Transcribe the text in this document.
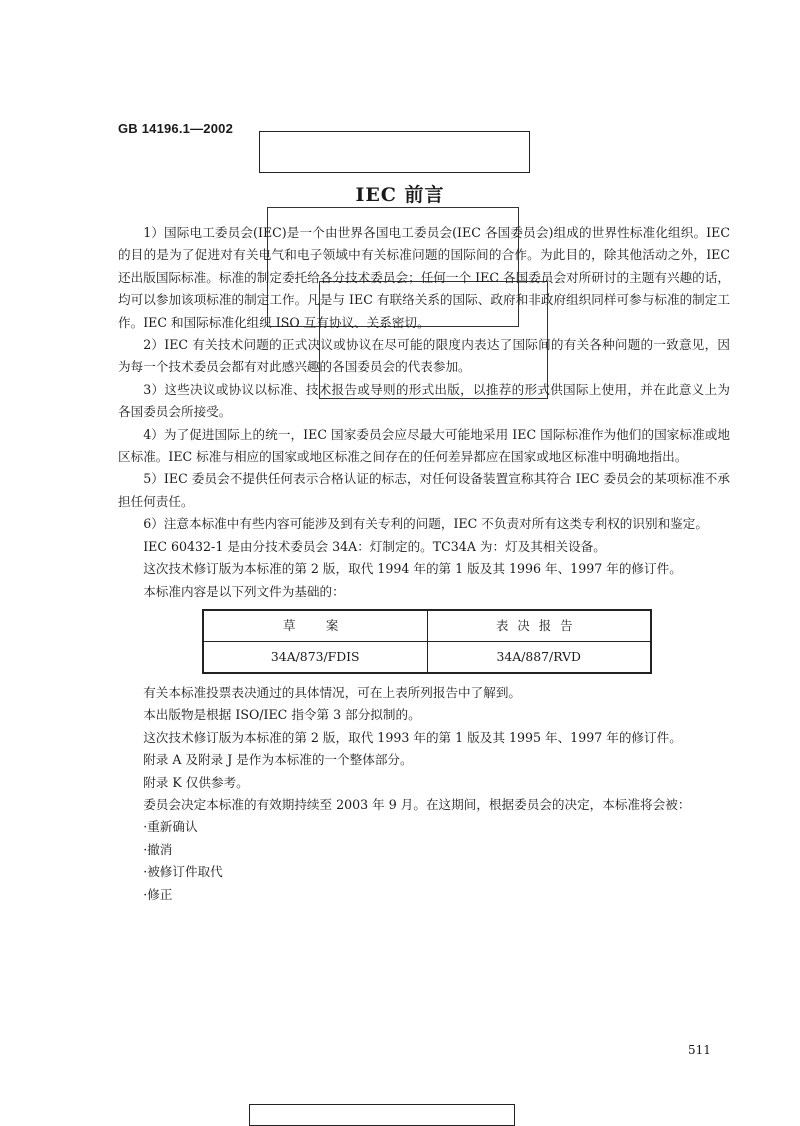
GB 14196.1—2002
IEC 前言

1）国际电工委员会(IEC)是一个由世界各国电工委员会(IEC 各国委员会)组成的世界性标准化组织。IEC 的目的是为了促进对有关电气和电子领域中有关标准问题的国际间的合作。为此目的，除其他活动之外，IEC 还出版国际标准。标准的制定委托给各分技术委员会；任何一个 IEC 各国委员会对所研讨的主题有兴趣的话，均可以参加该项标准的制定工作。凡是与 IEC 有联络关系的国际、政府和非政府组织同样可参与标准的制定工作。IEC 和国际标准化组织 ISO 互有协议、关系密切。

2）IEC 有关技术问题的正式决议或协议在尽可能的限度内表达了国际间的有关各种问题的一致意见，因为每一个技术委员会都有对此感兴趣的各国委员会的代表参加。

3）这些决议或协议以标准、技术报告或导则的形式出版，以推荐的形式供国际上使用，并在此意义上为各国委员会所接受。

4）为了促进国际上的统一，IEC 国家委员会应尽最大可能地采用 IEC 国际标准作为他们的国家标准或地区标准。IEC 标准与相应的国家或地区标准之间存在的任何差异都应在国家或地区标准中明确地指出。

5）IEC 委员会不提供任何表示合格认证的标志，对任何设备装置宣称其符合 IEC 委员会的某项标准不承担任何责任。

6）注意本标准中有些内容可能涉及到有关专利的问题，IEC 不负责对所有这类专利权的识别和鉴定。

IEC 60432-1 是由分技术委员会 34A：灯制定的。TC34A 为：灯及其相关设备。

这次技术修订版为本标准的第 2 版，取代 1994 年的第 1 版及其 1996 年、1997 年的修订件。

本标准内容是以下列文件为基础的：

草　案	表决报告
34A/873/FDIS	34A/887/RVD

有关本标准投票表决通过的具体情况，可在上表所列报告中了解到。

本出版物是根据 ISO/IEC 指令第 3 部分拟制的。

这次技术修订版为本标准的第 2 版，取代 1993 年的第 1 版及其 1995 年、1997 年的修订件。

附录 A 及附录 J 是作为本标准的一个整体部分。

附录 K 仅供参考。

委员会决定本标准的有效期持续至 2003 年 9 月。在这期间，根据委员会的决定，本标准将会被：

·重新确认

·撤消

·被修订件取代

·修正

511
